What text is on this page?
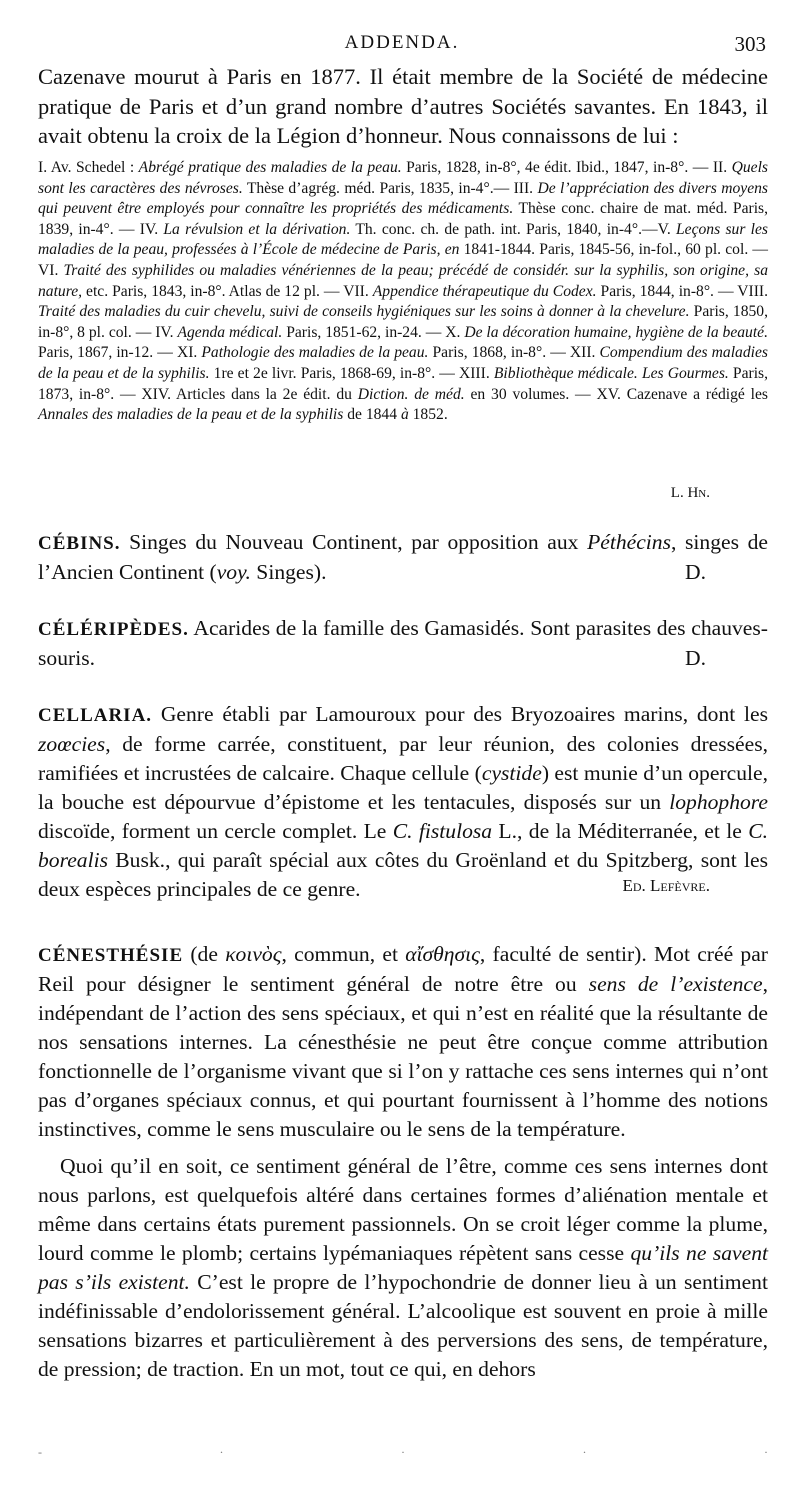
ADDENDA.	303

Cazenave mourut à Paris en 1877. Il était membre de la Société de médecine pratique de Paris et d’un grand nombre d’autres Sociétés savantes. En 1843, il avait obtenu la croix de la Légion d’honneur. Nous connaissons de lui :

I. Av. Schedel : Abrégé pratique des maladies de la peau. Paris, 1828, in-8°, 4e édit. Ibid., 1847, in-8°. — II. Quels sont les caractères des névroses. Thèse d’agrég. méd. Paris, 1835, in-4°.— III. De l’appréciation des divers moyens qui peuvent être employés pour connaître les propriétés des médicaments. Thèse conc. chaire de mat. méd. Paris, 1839, in-4°. — IV. La révulsion et la dérivation. Th. conc. ch. de path. int. Paris, 1840, in-4°.—V. Leçons sur les maladies de la peau, professées à l’École de médecine de Paris, en 1841-1844. Paris, 1845-56, in-fol., 60 pl. col. — VI. Traité des syphilides ou maladies vénériennes de la peau; précédé de considér. sur la syphilis, son origine, sa nature, etc. Paris, 1843, in-8°. Atlas de 12 pl. — VII. Appendice thérapeutique du Codex. Paris, 1844, in-8°. — VIII. Traité des maladies du cuir chevelu, suivi de conseils hygiéniques sur les soins à donner à la chevelure. Paris, 1850, in-8°, 8 pl. col. — IV. Agenda médical. Paris, 1851-62, in-24. — X. De la décoration humaine, hygiène de la beauté. Paris, 1867, in-12. — XI. Pathologie des maladies de la peau. Paris, 1868, in-8°. — XII. Compendium des maladies de la peau et de la syphilis. 1re et 2e livr. Paris, 1868-69, in-8°. — XIII. Bibliothèque médicale. Les Gourmes. Paris, 1873, in-8°. — XIV. Articles dans la 2e édit. du Diction. de méd. en 30 volumes. — XV. Cazenave a rédigé les Annales des maladies de la peau et de la syphilis de 1844 à 1852.

L. Hn.

CÉBINS. Singes du Nouveau Continent, par opposition aux Péthécins, singes de l’Ancien Continent (voy. Singes).	D.

CÉLÉRIPÈDES. Acarides de la famille des Gamasidés. Sont parasites des chauves-souris.	D.

CELLARIA. Genre établi par Lamouroux pour des Bryozoaires marins, dont les zoœcies, de forme carrée, constituent, par leur réunion, des colonies dressées, ramifiées et incrustées de calcaire. Chaque cellule (cystide) est munie d’un opercule, la bouche est dépourvue d’épistome et les tentacules, disposés sur un lophophore discoïde, forment un cercle complet. Le C. fistulosa L., de la Méditerranée, et le C. borealis Busk., qui paraît spécial aux côtes du Groënland et du Spitzberg, sont les deux espèces principales de ce genre.	Ed. Lefèvre.

CÉNESTHÉSIE (de κοινὸς, commun, et αἴσθησις, faculté de sentir). Mot créé par Reil pour désigner le sentiment général de notre être ou sens de l’existence, indépendant de l’action des sens spéciaux, et qui n’est en réalité que la résultante de nos sensations internes. La cénesthésie ne peut être conçue comme attribution fonctionnelle de l’organisme vivant que si l’on y rattache ces sens internes qui n’ont pas d’organes spéciaux connus, et qui pourtant fournissent à l’homme des notions instinctives, comme le sens musculaire ou le sens de la température.

Quoi qu’il en soit, ce sentiment général de l’être, comme ces sens internes dont nous parlons, est quelquefois altéré dans certaines formes d’aliénation mentale et même dans certains états purement passionnels. On se croit léger comme la plume, lourd comme le plomb; certains lypémaniaques répètent sans cesse qu’ils ne savent pas s’ils existent. C’est le propre de l’hypochondrie de donner lieu à un sentiment indéfinissable d’endolorissement général. L’alcoolique est souvent en proie à mille sensations bizarres et particulièrement à des perversions des sens, de température, de pression; de traction. En un mot, tout ce qui, en dehors

-	·	·	·	·
